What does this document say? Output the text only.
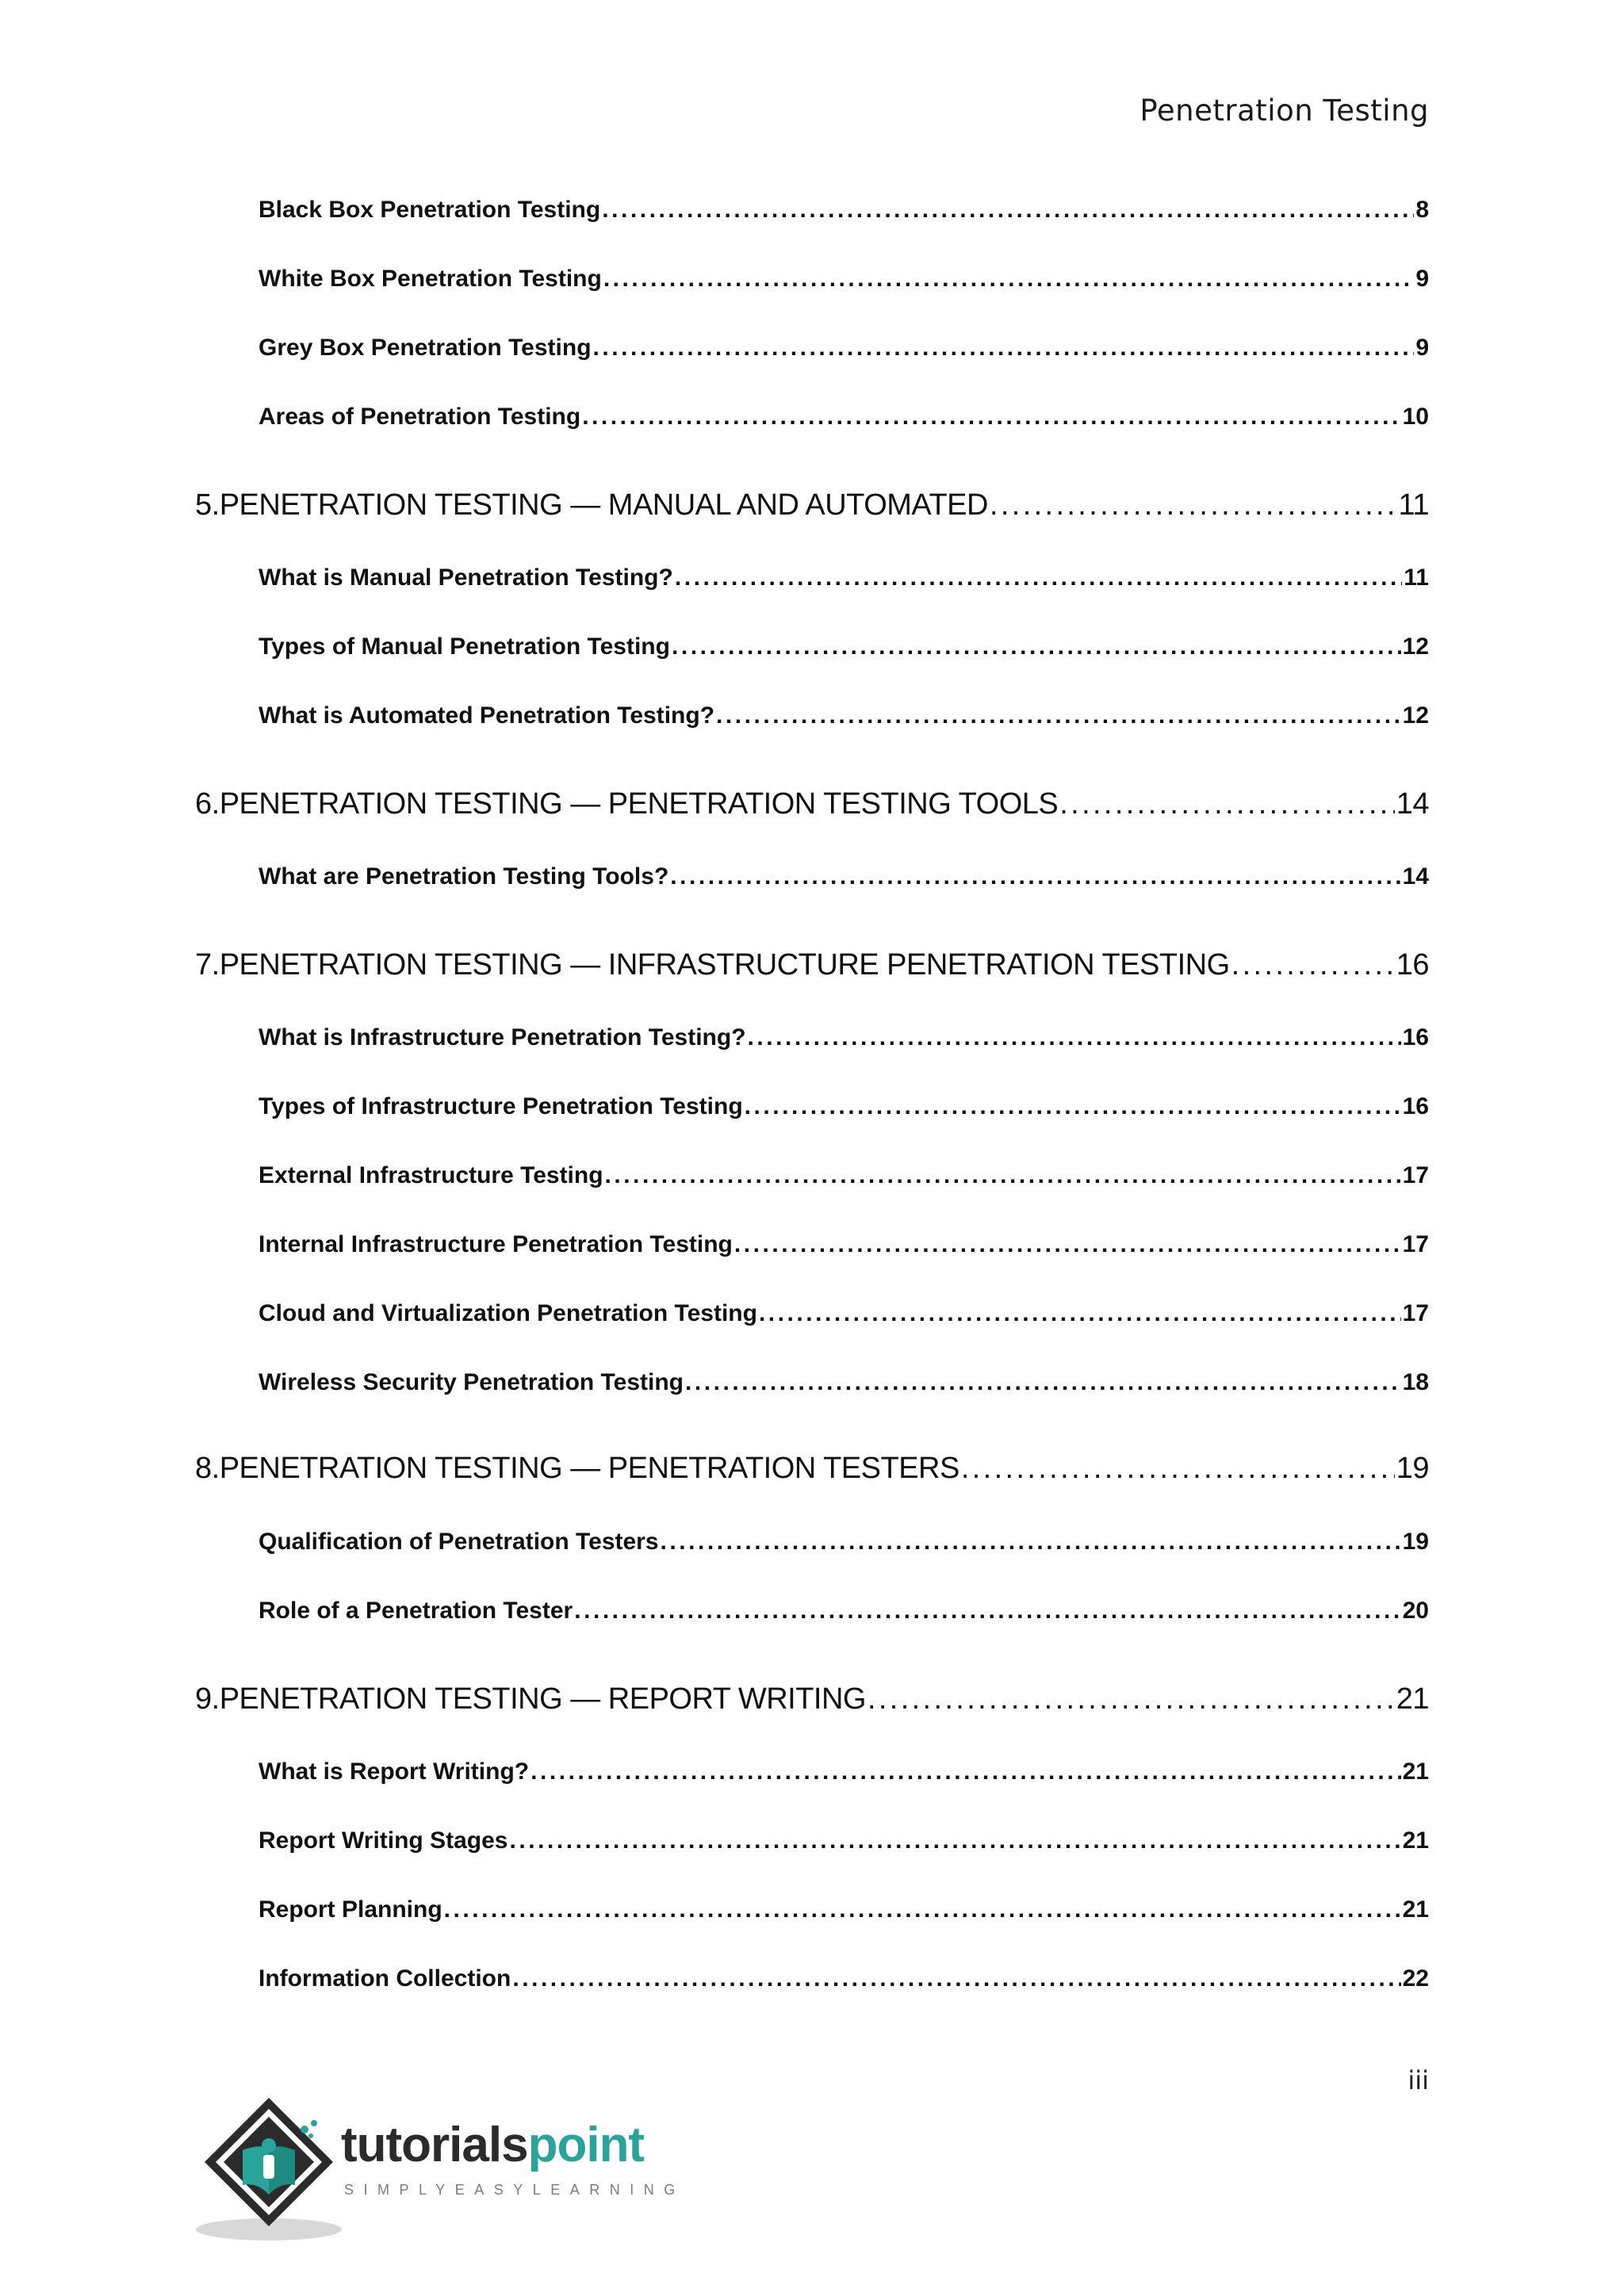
Penetration Testing
Black Box Penetration Testing . . .	8
White Box Penetration Testing . . .	9
Grey Box Penetration Testing . . .	9
Areas of Penetration Testing . . .	10
5. PENETRATION TESTING — MANUAL AND AUTOMATED . . .	11
What is Manual Penetration Testing? . . .	11
Types of Manual Penetration Testing . . .	12
What is Automated Penetration Testing? . . .	12
6. PENETRATION TESTING — PENETRATION TESTING TOOLS . . .	14
What are Penetration Testing Tools? . . .	14
7. PENETRATION TESTING — INFRASTRUCTURE PENETRATION TESTING . . .	16
What is Infrastructure Penetration Testing? . . .	16
Types of Infrastructure Penetration Testing . . .	16
External Infrastructure Testing . . .	17
Internal Infrastructure Penetration Testing . . .	17
Cloud and Virtualization Penetration Testing . . .	17
Wireless Security Penetration Testing . . .	18
8. PENETRATION TESTING — PENETRATION TESTERS . . .	19
Qualification of Penetration Testers . . .	19
Role of a Penetration Tester . . .	20
9. PENETRATION TESTING — REPORT WRITING . . .	21
What is Report Writing? . . .	21
Report Writing Stages . . .	21
Report Planning . . .	21
Information Collection . . .	22
iii
tutorialspoint
SIMPLYEASYLEARNING
